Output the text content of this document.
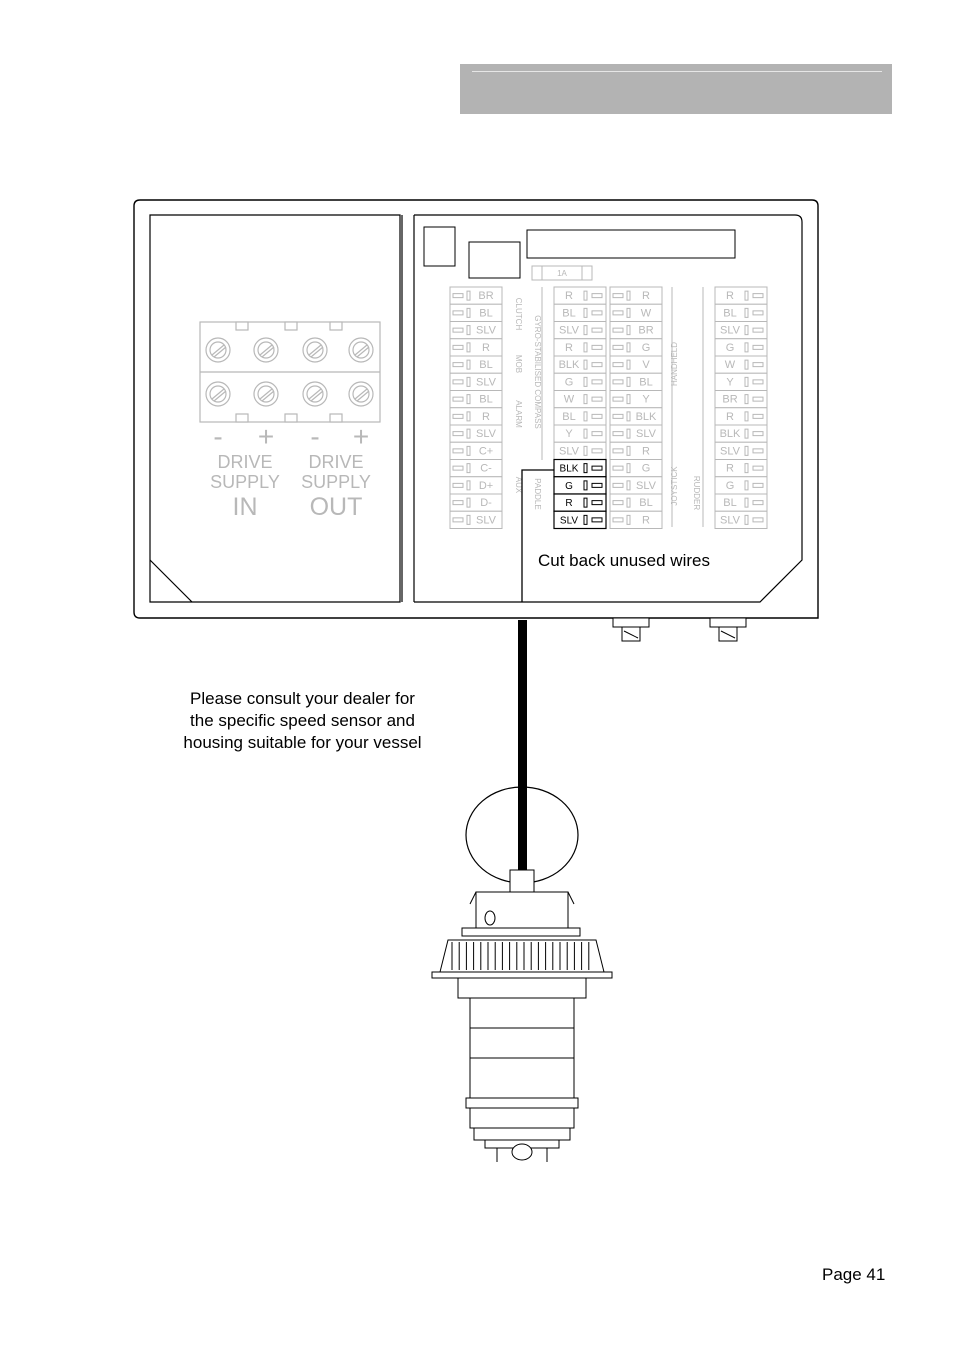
- + - +
DRIVE
SUPPLY
IN
DRIVE
SUPPLY
OUT
1A
BR
BL
SLV
R
BL
SLV
BL
R
SLV
C+
C-
D+
D-
SLV
R
BL
SLV
R
BLK
G
W
BL
Y
SLV
BLK
G
R
SLV
R
W
BR
G
V
BL
Y
BLK
SLV
R
G
SLV
BL
R
R
BL
SLV
G
W
Y
BR
R
BLK
SLV
R
G
BL
SLV
CLUTCH
MOB
ALARM
AUX
GYRO-STABILISED COMPASS
PADDLE
HANDHELD
JOYSTICK RUDDER
Cut back unused wires
Please consult your dealer for
the specific speed sensor and
housing suitable for your vessel
Page 41
